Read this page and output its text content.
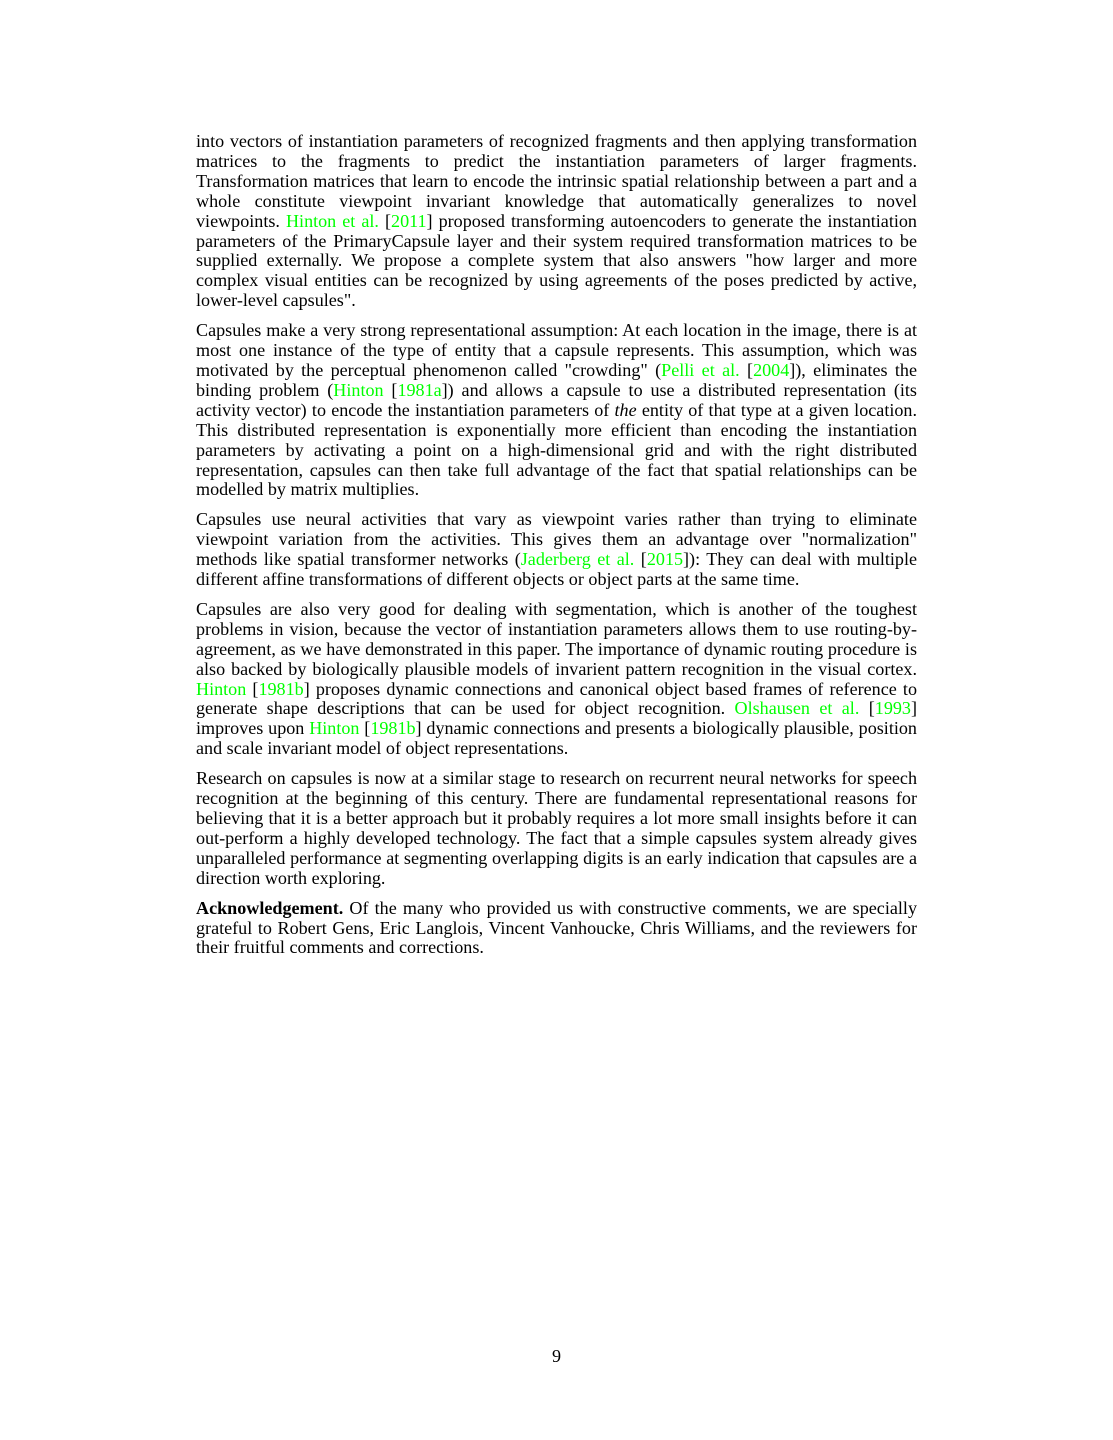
into vectors of instantiation parameters of recognized fragments and then applying transformation matrices to the fragments to predict the instantiation parameters of larger fragments. Transformation matrices that learn to encode the intrinsic spatial relationship between a part and a whole constitute viewpoint invariant knowledge that automatically generalizes to novel viewpoints. Hinton et al. [2011] proposed transforming autoencoders to generate the instantiation parameters of the PrimaryCapsule layer and their system required transformation matrices to be supplied externally. We propose a complete system that also answers "how larger and more complex visual entities can be recognized by using agreements of the poses predicted by active, lower-level capsules".

Capsules make a very strong representational assumption: At each location in the image, there is at most one instance of the type of entity that a capsule represents. This assumption, which was motivated by the perceptual phenomenon called "crowding" (Pelli et al. [2004]), eliminates the binding problem (Hinton [1981a]) and allows a capsule to use a distributed representation (its activity vector) to encode the instantiation parameters of the entity of that type at a given location. This distributed representation is exponentially more efficient than encoding the instantiation parameters by activating a point on a high-dimensional grid and with the right distributed representation, capsules can then take full advantage of the fact that spatial relationships can be modelled by matrix multiplies.

Capsules use neural activities that vary as viewpoint varies rather than trying to eliminate viewpoint variation from the activities. This gives them an advantage over "normalization" methods like spatial transformer networks (Jaderberg et al. [2015]): They can deal with multiple different affine transformations of different objects or object parts at the same time.

Capsules are also very good for dealing with segmentation, which is another of the toughest problems in vision, because the vector of instantiation parameters allows them to use routing-by-agreement, as we have demonstrated in this paper. The importance of dynamic routing procedure is also backed by biologically plausible models of invarient pattern recognition in the visual cortex. Hinton [1981b] proposes dynamic connections and canonical object based frames of reference to generate shape descriptions that can be used for object recognition. Olshausen et al. [1993] improves upon Hinton [1981b] dynamic connections and presents a biologically plausible, position and scale invariant model of object representations.

Research on capsules is now at a similar stage to research on recurrent neural networks for speech recognition at the beginning of this century. There are fundamental representational reasons for believing that it is a better approach but it probably requires a lot more small insights before it can out-perform a highly developed technology. The fact that a simple capsules system already gives unparalleled performance at segmenting overlapping digits is an early indication that capsules are a direction worth exploring.

Acknowledgement. Of the many who provided us with constructive comments, we are specially grateful to Robert Gens, Eric Langlois, Vincent Vanhoucke, Chris Williams, and the reviewers for their fruitful comments and corrections.

9
